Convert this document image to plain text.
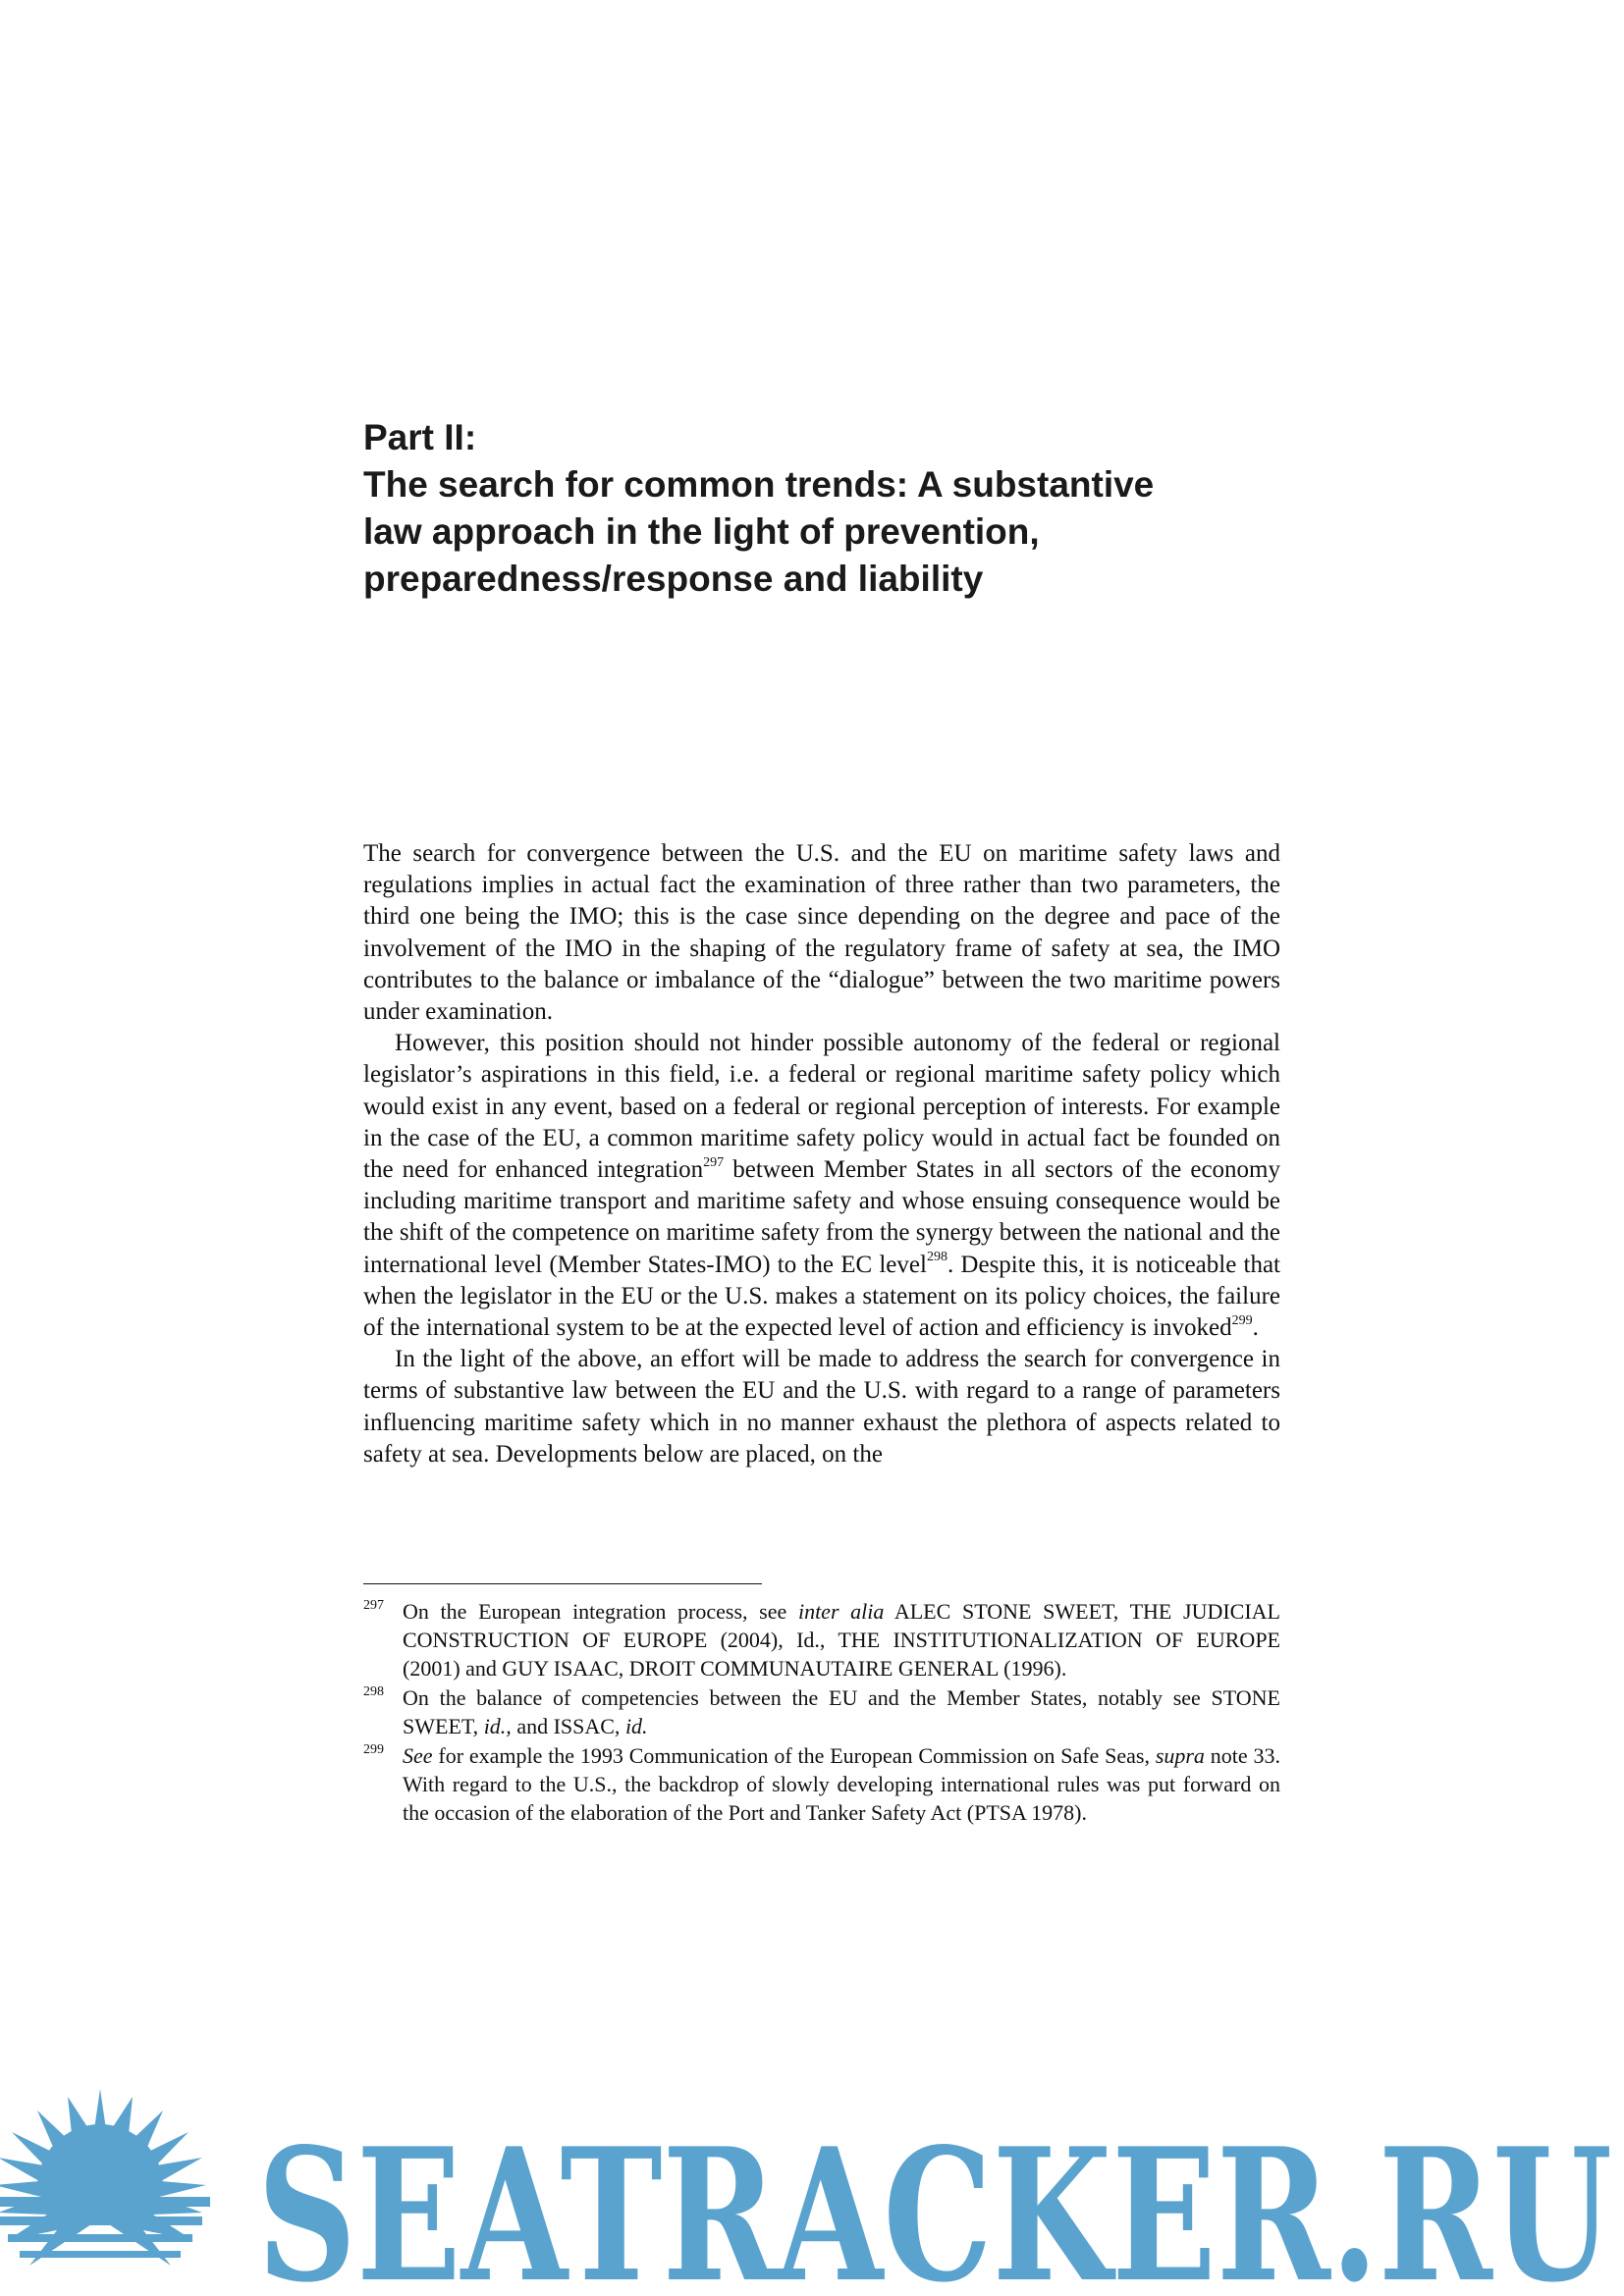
Part II:
The search for common trends: A substantive
law approach in the light of prevention,
preparedness/response and liability

The search for convergence between the U.S. and the EU on maritime safety laws and regulations implies in actual fact the examination of three rather than two parameters, the third one being the IMO; this is the case since depending on the degree and pace of the involvement of the IMO in the shaping of the regulatory frame of safety at sea, the IMO contributes to the balance or imbalance of the “dialogue” between the two maritime powers under examination.

However, this position should not hinder possible autonomy of the federal or regional legislator’s aspirations in this field, i.e. a federal or regional maritime safety policy which would exist in any event, based on a federal or regional perception of interests. For example in the case of the EU, a common maritime safety policy would in actual fact be founded on the need for enhanced integration$^{297}$ between Member States in all sectors of the economy including maritime transport and maritime safety and whose ensuing consequence would be the shift of the competence on maritime safety from the synergy between the national and the international level (Member States-IMO) to the EC level$^{298}$. Despite this, it is noticeable that when the legislator in the EU or the U.S. makes a statement on its policy choices, the failure of the international system to be at the expected level of action and efficiency is invoked$^{299}$.

In the light of the above, an effort will be made to address the search for convergence in terms of substantive law between the EU and the U.S. with regard to a range of parameters influencing maritime safety which in no manner exhaust the plethora of aspects related to safety at sea. Developments below are placed, on the

297 On the European integration process, see inter alia ALEC STONE SWEET, THE JUDICIAL CONSTRUCTION OF EUROPE (2004), Id., THE INSTITUTIONALIZATION OF EUROPE (2001) and GUY ISAAC, DROIT COMMUNAUTAIRE GENERAL (1996).
298 On the balance of competencies between the EU and the Member States, notably see STONE SWEET, id., and ISSAC, id.
299 See for example the 1993 Communication of the European Commission on Safe Seas, supra note 33. With regard to the U.S., the backdrop of slowly developing international rules was put forward on the occasion of the elaboration of the Port and Tanker Safety Act (PTSA 1978).
SEATRACKER.RU
